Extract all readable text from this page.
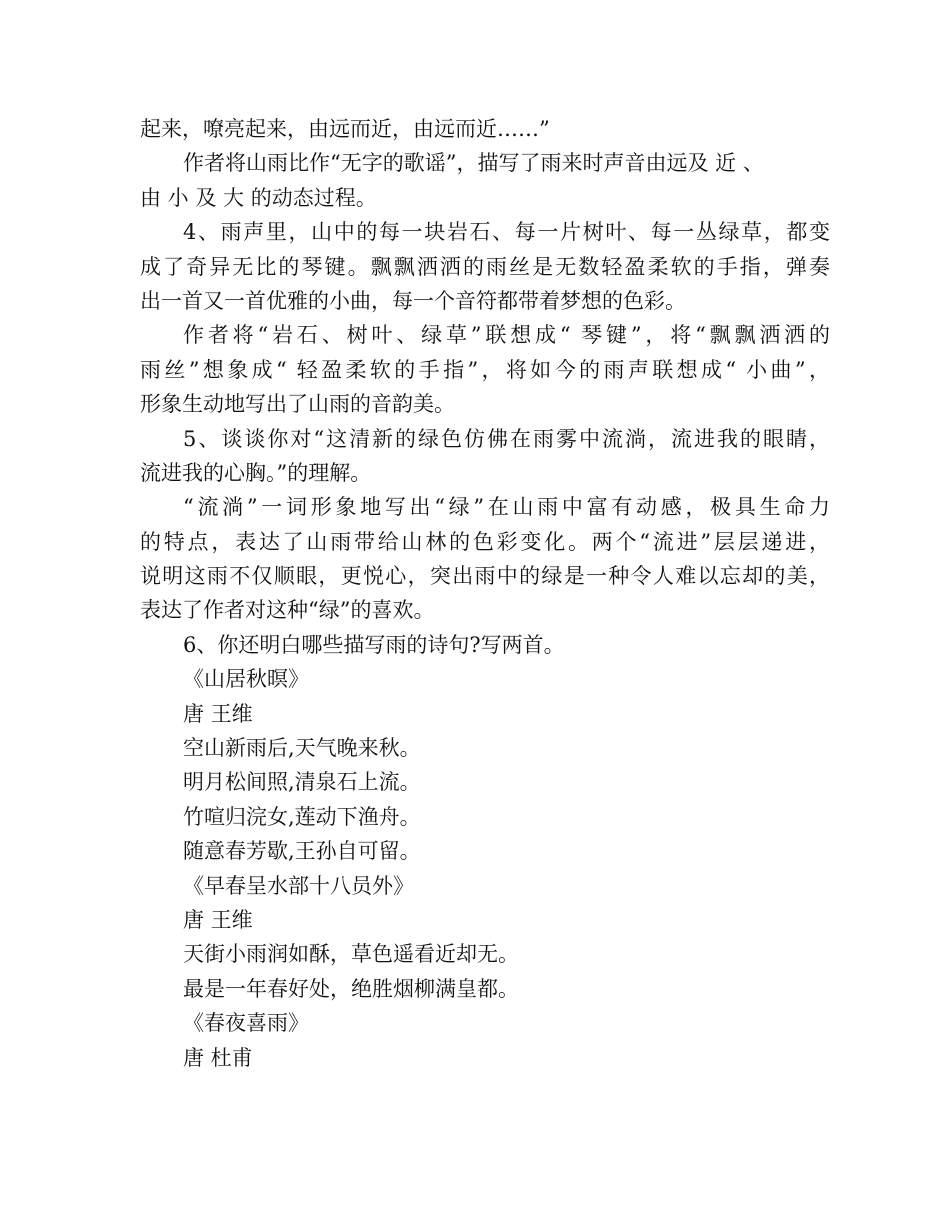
起来，嘹亮起来，由远而近，由远而近……”
作者将山雨比作“无字的歌谣”，描写了雨来时声音由远及 近 、
由 小 及 大 的动态过程。
4、雨声里，山中的每一块岩石、每一片树叶、每一丛绿草，都变
成了奇异无比的琴键。飘飘洒洒的雨丝是无数轻盈柔软的手指，弹奏
出一首又一首优雅的小曲，每一个音符都带着梦想的色彩。
作者将“岩石、树叶、绿草”联想成“ 琴键”，将“飘飘洒洒的
雨丝”想象成“ 轻盈柔软的手指”，将如今的雨声联想成“ 小曲”，
形象生动地写出了山雨的音韵美。
5、谈谈你对“这清新的绿色仿佛在雨雾中流淌，流进我的眼睛，
流进我的心胸。”的理解。
“流淌”一词形象地写出“绿”在山雨中富有动感，极具生命力
的特点，表达了山雨带给山林的色彩变化。两个“流进”层层递进，
说明这雨不仅顺眼，更悦心，突出雨中的绿是一种令人难以忘却的美，
表达了作者对这种“绿”的喜欢。
6、你还明白哪些描写雨的诗句?写两首。
《山居秋暝》
唐 王维
空山新雨后,天气晚来秋。
明月松间照,清泉石上流。
竹喧归浣女,莲动下渔舟。
随意春芳歇,王孙自可留。
《早春呈水部十八员外》
唐 王维
天街小雨润如酥，草色遥看近却无。
最是一年春好处，绝胜烟柳满皇都。
《春夜喜雨》
唐 杜甫
